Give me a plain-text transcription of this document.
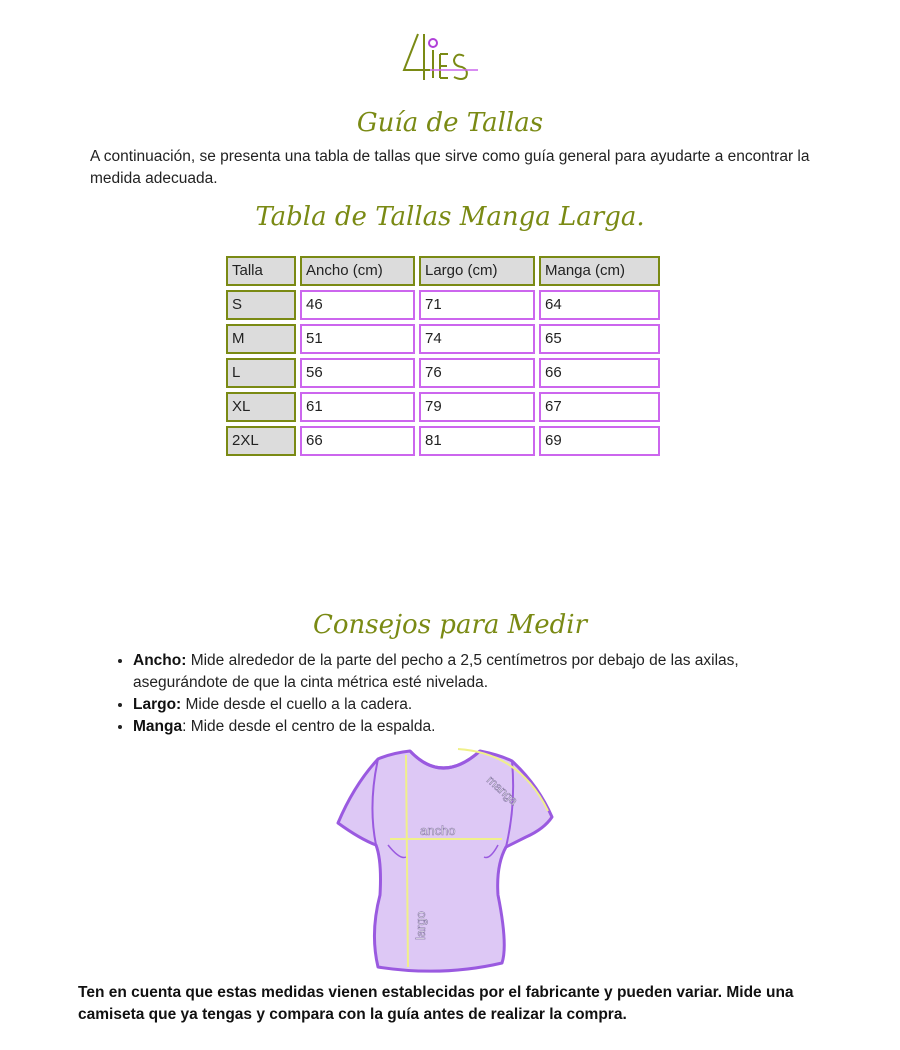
Guía de Tallas
A continuación, se presenta una tabla de tallas que sirve como guía general para ayudarte a encontrar la medida adecuada.
Tabla de Tallas Manga Larga.
Talla	Ancho (cm)	Largo (cm)	Manga (cm)
S	46	71	64
M	51	74	65
L	56	76	66
XL	61	79	67
2XL	66	81	69
Consejos para Medir
• Ancho: Mide alrededor de la parte del pecho a 2,5 centímetros por debajo de las axilas, asegurándote de que la cinta métrica esté nivelada.
• Largo: Mide desde el cuello a la cadera.
• Manga: Mide desde el centro de la espalda.
ancho
largo
manga
Ten en cuenta que estas medidas vienen establecidas por el fabricante y pueden variar. Mide una camiseta que ya tengas y compara con la guía antes de realizar la compra.
